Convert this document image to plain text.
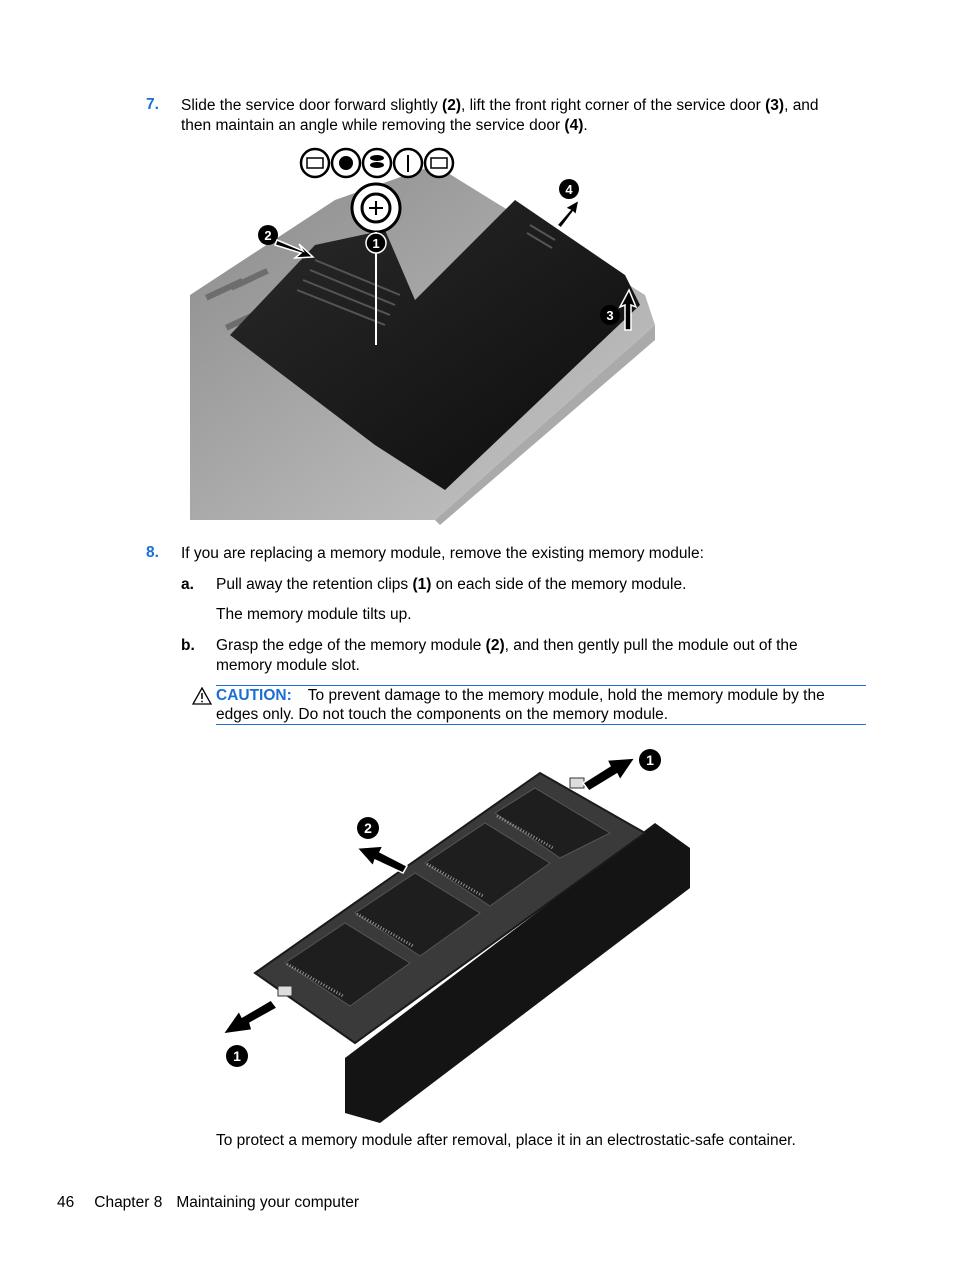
7. Slide the service door forward slightly (2), lift the front right corner of the service door (3), and
then maintain an angle while removing the service door (4).
1
2
3
4
8. If you are replacing a memory module, remove the existing memory module:
a. Pull away the retention clips (1) on each side of the memory module.
The memory module tilts up.
b. Grasp the edge of the memory module (2), and then gently pull the module out of the
memory module slot.
CAUTION: To prevent damage to the memory module, hold the memory module by the
edges only. Do not touch the components on the memory module.
1
2
1
To protect a memory module after removal, place it in an electrostatic-safe container.
46 Chapter 8 Maintaining your computer
